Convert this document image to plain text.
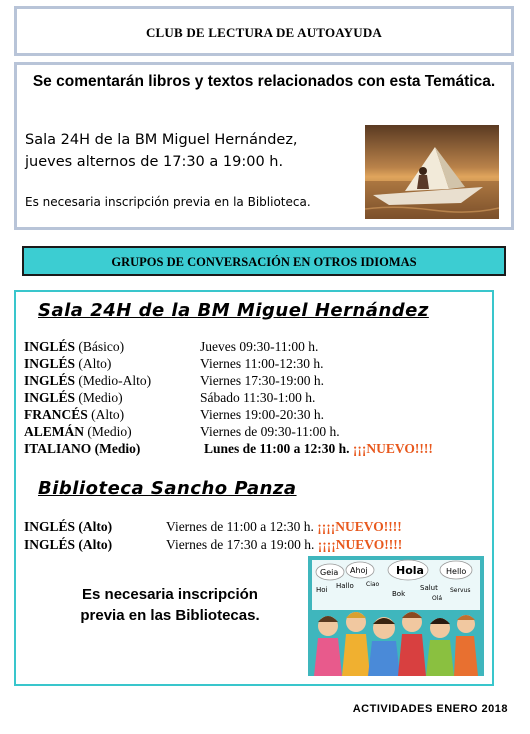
CLUB DE LECTURA DE AUTOAYUDA
Se comentarán libros y textos relacionados con esta Temática.
Sala 24H de la BM Miguel Hernández,
jueves alternos de 17:30 a 19:00 h.
Es necesaria inscripción previa en la Biblioteca.
GRUPOS DE CONVERSACIÓN EN OTROS IDIOMAS
Sala 24H de la BM Miguel Hernández
INGLÉS (Básico)	Jueves 09:30-11:00 h.
INGLÉS (Alto)	Viernes 11:00-12:30 h.
INGLÉS (Medio-Alto)	Viernes 17:30-19:00 h.
INGLÉS (Medio)	Sábado 11:30-1:00 h.
FRANCÉS (Alto)	Viernes 19:00-20:30 h.
ALEMÁN (Medio)	Viernes de 09:30-11:00 h.
ITALIANO (Medio)	Lunes de 11:00 a 12:30 h. ¡¡¡NUEVO!!!!
Biblioteca Sancho Panza
INGLÉS (Alto)	Viernes de 11:00 a 12:30 h. ¡¡¡¡NUEVO!!!!
INGLÉS (Alto)	Viernes de 17:30 a 19:00 h. ¡¡¡¡NUEVO!!!!
Es necesaria inscripción previa en las Bibliotecas.
Geia Ahoj	Hola	Hello
Hoi Hallo Ciao
Bok
Salut Servus
Olá
ACTIVIDADES ENERO 2018
